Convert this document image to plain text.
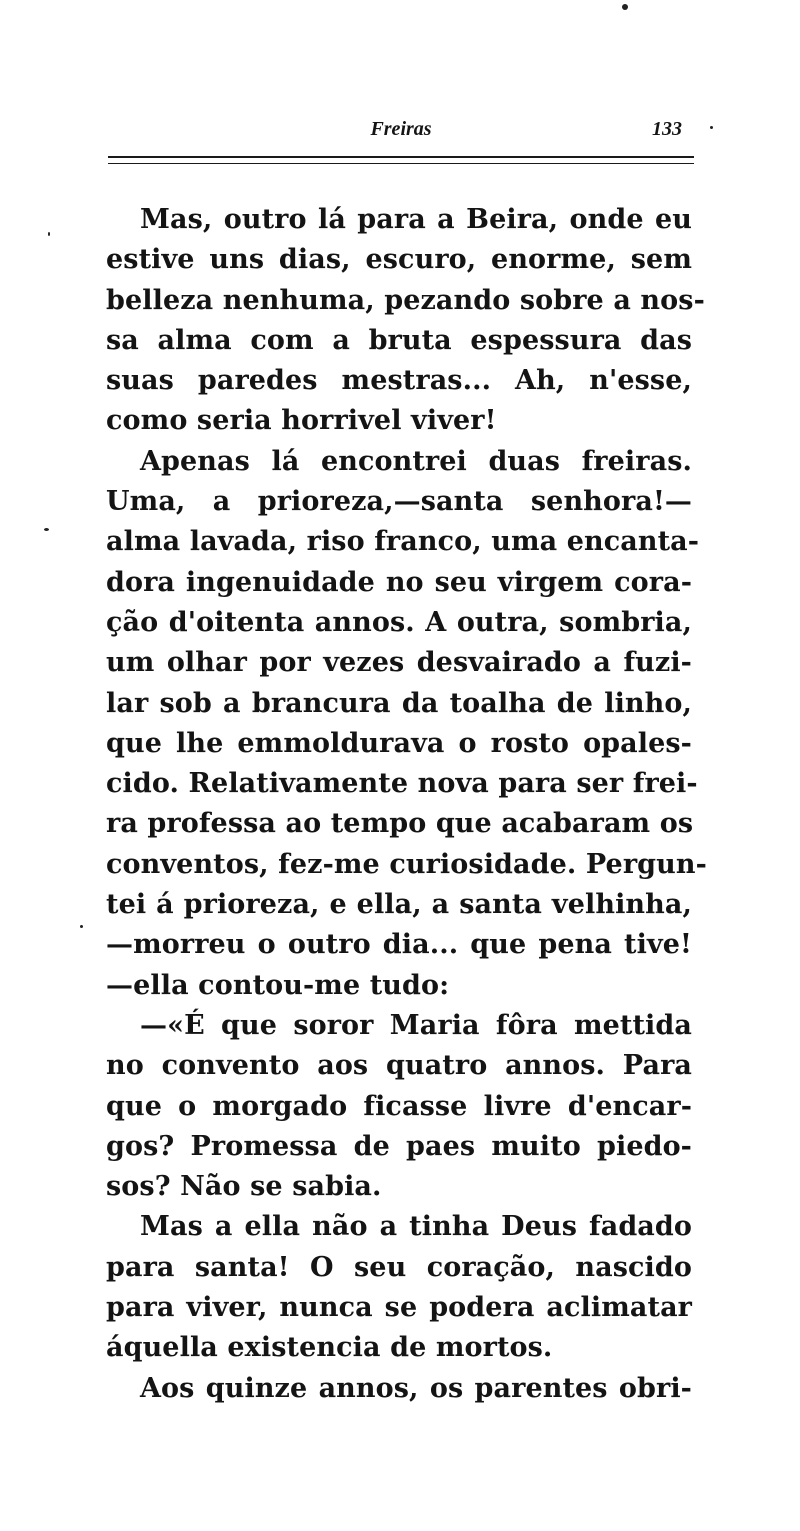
Freiras	133
Mas, outro lá para a Beira, onde eu
estive uns dias, escuro, enorme, sem
belleza nenhuma, pezando sobre a nos-
sa alma com a bruta espessura das
suas paredes mestras... Ah, n'esse,
como seria horrivel viver!
Apenas lá encontrei duas freiras.
Uma, a prioreza,—santa senhora!—
alma lavada, riso franco, uma encanta-
dora ingenuidade no seu virgem cora-
ção d'oitenta annos. A outra, sombria,
um olhar por vezes desvairado a fuzi-
lar sob a brancura da toalha de linho,
que lhe emmoldurava o rosto opales-
cido. Relativamente nova para ser frei-
ra professa ao tempo que acabaram os
conventos, fez-me curiosidade. Pergun-
tei á prioreza, e ella, a santa velhinha,
—morreu o outro dia... que pena tive!
—ella contou-me tudo:
—«É que soror Maria fôra mettida
no convento aos quatro annos. Para
que o morgado ficasse livre d'encar-
gos? Promessa de paes muito piedo-
sos? Não se sabia.
Mas a ella não a tinha Deus fadado
para santa! O seu coração, nascido
para viver, nunca se podera aclimatar
áquella existencia de mortos.
Aos quinze annos, os parentes obri-
